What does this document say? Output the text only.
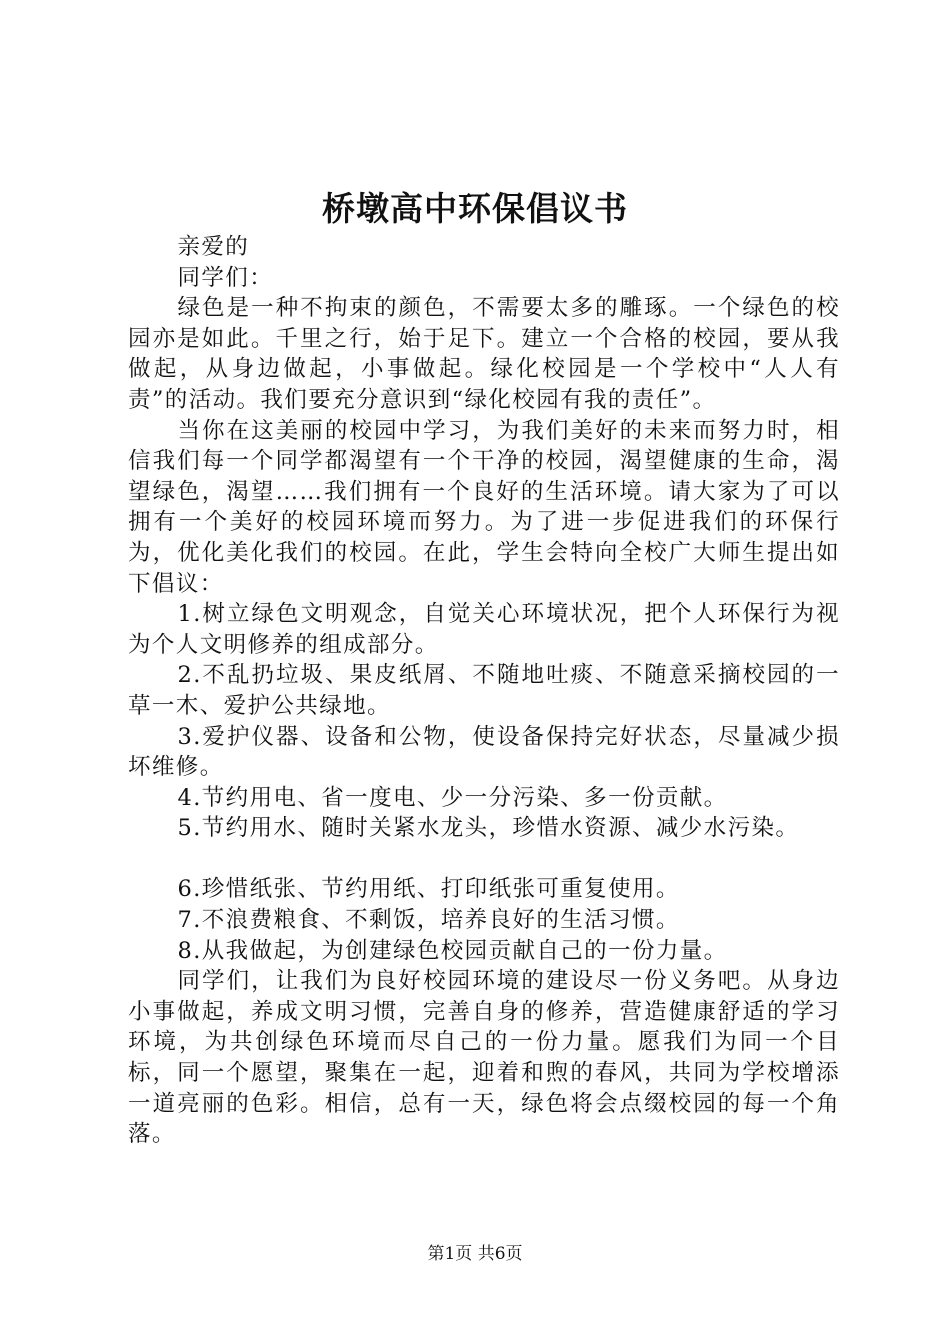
桥墩高中环保倡议书

亲爱的

同学们：

绿色是一种不拘束的颜色，不需要太多的雕琢。一个绿色的校园亦是如此。千里之行，始于足下。建立一个合格的校园，要从我做起，从身边做起，小事做起。绿化校园是一个学校中“人人有责”的活动。我们要充分意识到“绿化校园有我的责任”。

当你在这美丽的校园中学习，为我们美好的未来而努力时，相信我们每一个同学都渴望有一个干净的校园，渴望健康的生命，渴望绿色，渴望……我们拥有一个良好的生活环境。请大家为了可以拥有一个美好的校园环境而努力。为了进一步促进我们的环保行为，优化美化我们的校园。在此，学生会特向全校广大师生提出如下倡议：

1.树立绿色文明观念，自觉关心环境状况，把个人环保行为视为个人文明修养的组成部分。

2.不乱扔垃圾、果皮纸屑、不随地吐痰、不随意采摘校园的一草一木、爱护公共绿地。

3.爱护仪器、设备和公物，使设备保持完好状态，尽量减少损坏维修。

4.节约用电、省一度电、少一分污染、多一份贡献。

5.节约用水、随时关紧水龙头，珍惜水资源、减少水污染。

6.珍惜纸张、节约用纸、打印纸张可重复使用。

7.不浪费粮食、不剩饭，培养良好的生活习惯。

8.从我做起，为创建绿色校园贡献自己的一份力量。

同学们，让我们为良好校园环境的建设尽一份义务吧。从身边小事做起，养成文明习惯，完善自身的修养，营造健康舒适的学习环境，为共创绿色环境而尽自己的一份力量。愿我们为同一个目标，同一个愿望，聚集在一起，迎着和煦的春风，共同为学校增添一道亮丽的色彩。相信，总有一天，绿色将会点缀校园的每一个角落。

第1页 共6页
